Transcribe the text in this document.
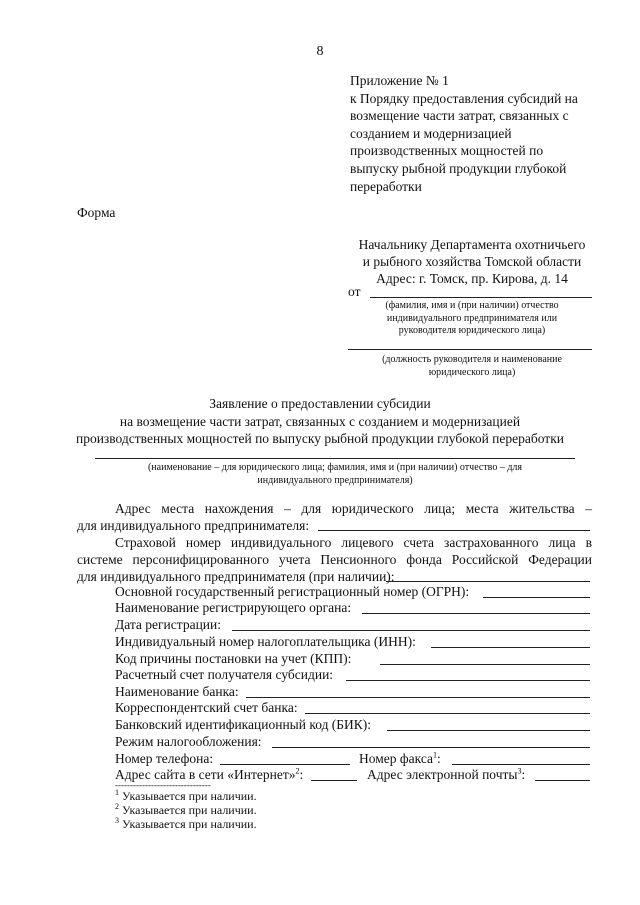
8
Приложение № 1
к Порядку предоставления субсидий на
возмещение части затрат, связанных с
созданием и модернизацией
производственных мощностей по
выпуску рыбной продукции глубокой
переработки
Форма
Начальнику Департамента охотничьего
и рыбного хозяйства Томской области
Адрес: г. Томск, пр. Кирова, д. 14
от
(фамилия, имя и (при наличии) отчество
индивидуального предпринимателя или
руководителя юридического лица)
(должность руководителя и наименование
юридического лица)
Заявление о предоставлении субсидии
на возмещение части затрат, связанных с созданием и модернизацией
производственных мощностей по выпуску рыбной продукции глубокой переработки
(наименование – для юридического лица; фамилия, имя и (при наличии) отчество – для
индивидуального предпринимателя)
Адрес места нахождения – для юридического лица; места жительства –
для индивидуального предпринимателя:
Страховой номер индивидуального лицевого счета застрахованного лица в
системе персонифицированного учета Пенсионного фонда Российской Федерации
для индивидуального предпринимателя (при наличии):
Основной государственный регистрационный номер (ОГРН):
Наименование регистрирующего органа:
Дата регистрации:
Индивидуальный номер налогоплательщика (ИНН):
Код причины постановки на учет (КПП):
Расчетный счет получателя субсидии:
Наименование банка:
Корреспондентский счет банка:
Банковский идентификационный код (БИК):
Режим налогообложения:
Номер телефона:	Номер факса$^1$:
Адрес сайта в сети «Интернет»$^2$:	Адрес электронной почты$^3$:
--------------------------------
$^1$ Указывается при наличии.
$^2$ Указывается при наличии.
$^3$ Указывается при наличии.
